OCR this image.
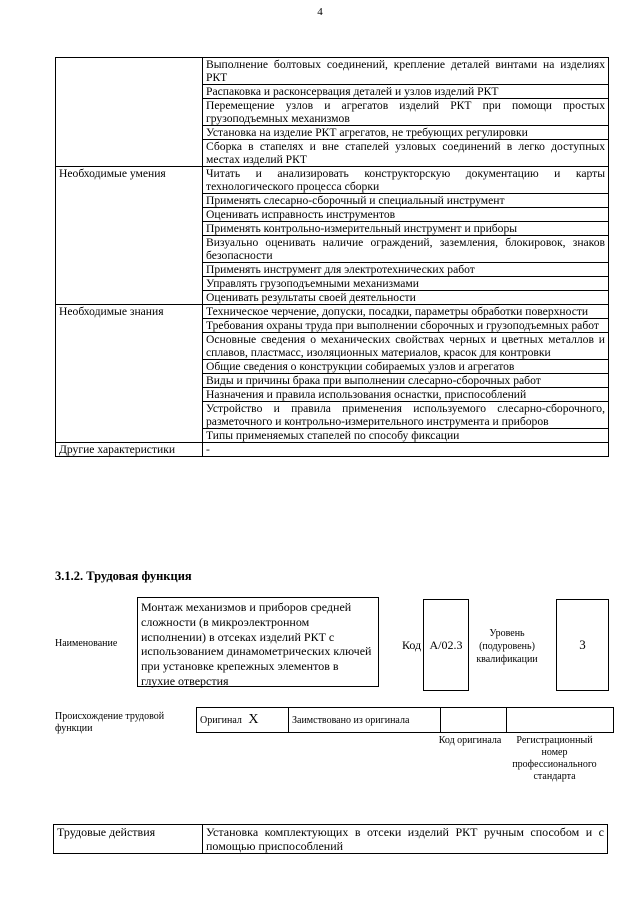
4
	Выполнение болтовых соединений, крепление деталей винтами на изделиях РКТ
	Распаковка и расконсервация деталей и узлов изделий РКТ
	Перемещение узлов и агрегатов изделий РКТ при помощи простых грузоподъемных механизмов
	Установка на изделие РКТ агрегатов, не требующих регулировки
	Сборка в стапелях и вне стапелей узловых соединений в легко доступных местах изделий РКТ
Необходимые умения	Читать и анализировать конструкторскую документацию и карты технологического процесса сборки
	Применять слесарно-сборочный и специальный инструмент
	Оценивать исправность инструментов
	Применять контрольно-измерительный инструмент и приборы
	Визуально оценивать наличие ограждений, заземления, блокировок, знаков безопасности
	Применять инструмент для электротехнических работ
	Управлять грузоподъемными механизмами
	Оценивать результаты своей деятельности
Необходимые знания	Техническое черчение, допуски, посадки, параметры обработки поверхности
	Требования охраны труда при выполнении сборочных и грузоподъемных работ
	Основные сведения о механических свойствах черных и цветных металлов и сплавов, пластмасс, изоляционных материалов, красок для контровки
	Общие сведения о конструкции собираемых узлов и агрегатов
	Виды и причины брака при выполнении слесарно-сборочных работ
	Назначения и правила использования оснастки, приспособлений
	Устройство и правила применения используемого слесарно-сборочного, разметочного и контрольно-измерительного инструмента и приборов
	Типы применяемых стапелей по способу фиксации
Другие характеристики	-
3.1.2. Трудовая функция
Наименование
Монтаж механизмов и приборов средней сложности (в микроэлектронном исполнении) в отсеках изделий РКТ с использованием динамометрических ключей при установке крепежных элементов в глухие отверстия
Код A/02.3
Уровень (подуровень) квалификации
3
Происхождение трудовой функции
Оригинал X	Заимствовано из оригинала		
Код оригинала	Регистрационный номер профессионального стандарта
Трудовые действия	Установка комплектующих в отсеки изделий РКТ ручным способом и с помощью приспособлений
